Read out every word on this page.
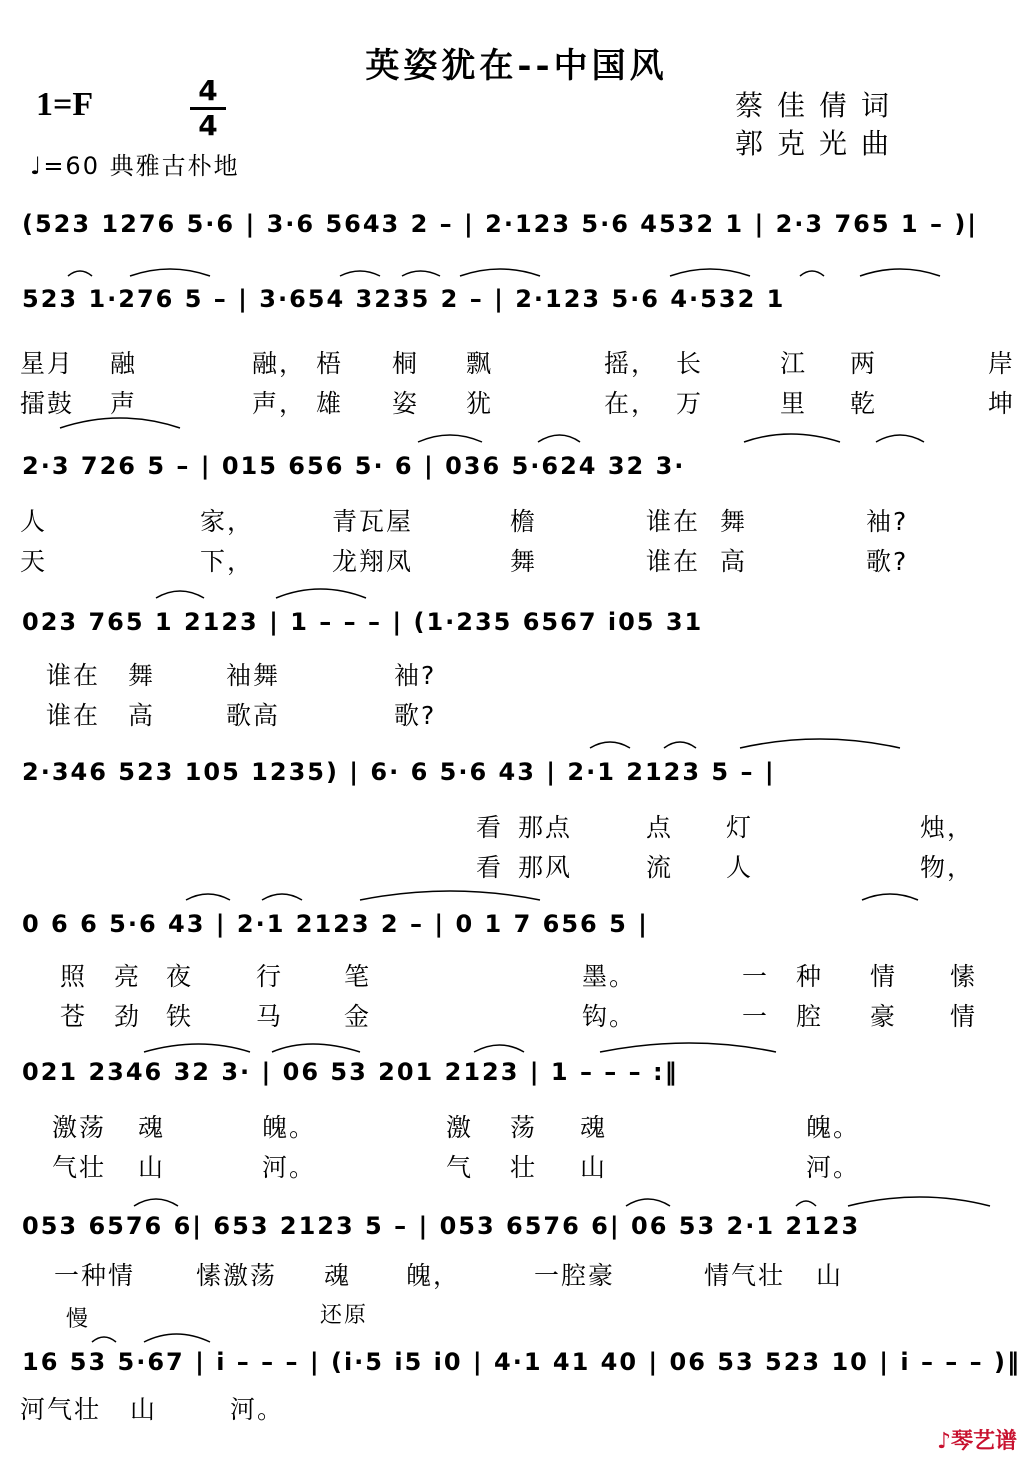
英姿犹在--中国风
1=F	4
4
蔡佳倩词
郭克光曲
♩=60 典雅古朴地
(523 1276 5·6 | 3·6 5643 2 – | 2·123 5·6 4532 1 | 2·3 765 1 – )|
523 1·276 5 – | 3·654 3235 2 – | 2·123 5·6 4·532 1
星月 融	融， 梧 桐 飘	摇， 长	江 两	岸
擂鼓 声	声， 雄 姿 犹	在， 万	里 乾	坤
2·3 726 5 – | 015 656 5· 6 | 036 5·624 32 3·
人	家，	青瓦屋	檐	谁在 舞	袖?
天	下，	龙翔凤	舞	谁在 高	歌?
023 765 1 2123 | 1 – – – | (1·235 6567 i05 31
谁在 舞	袖舞	袖?
谁在 高	歌高	歌?
2·346 523 105 1235) | 6· 6 5·6 43 | 2·1 2123 5 – |
看 那点	点 灯	烛，
看 那风	流 人	物，
0 6 6 5·6 43 | 2·1 2123 2 – | 0 1 7 656 5 |
照 亮 夜	行 笔	墨。	一 种 情 愫
苍 劲 铁	马 金	钩。	一 腔 豪 情
021 2346 32 3· | 06 53 201 2123 | 1 – – – :‖
激荡 魂	魄。	激 荡 魂	魄。
气壮 山	河。	气 壮 山	河。
053 6576 6| 653 2123 5 – | 053 6576 6| 06 53 2·1 2123
一种情 愫激荡 魂 魄，	一腔豪	情气壮 山
慢	还原
16 53 5·67 | i – – – | (i·5 i5 i0 | 4·1 41 40 | 06 53 523 10 | i – – – )‖
河气壮 山	河。
♪琴艺谱
